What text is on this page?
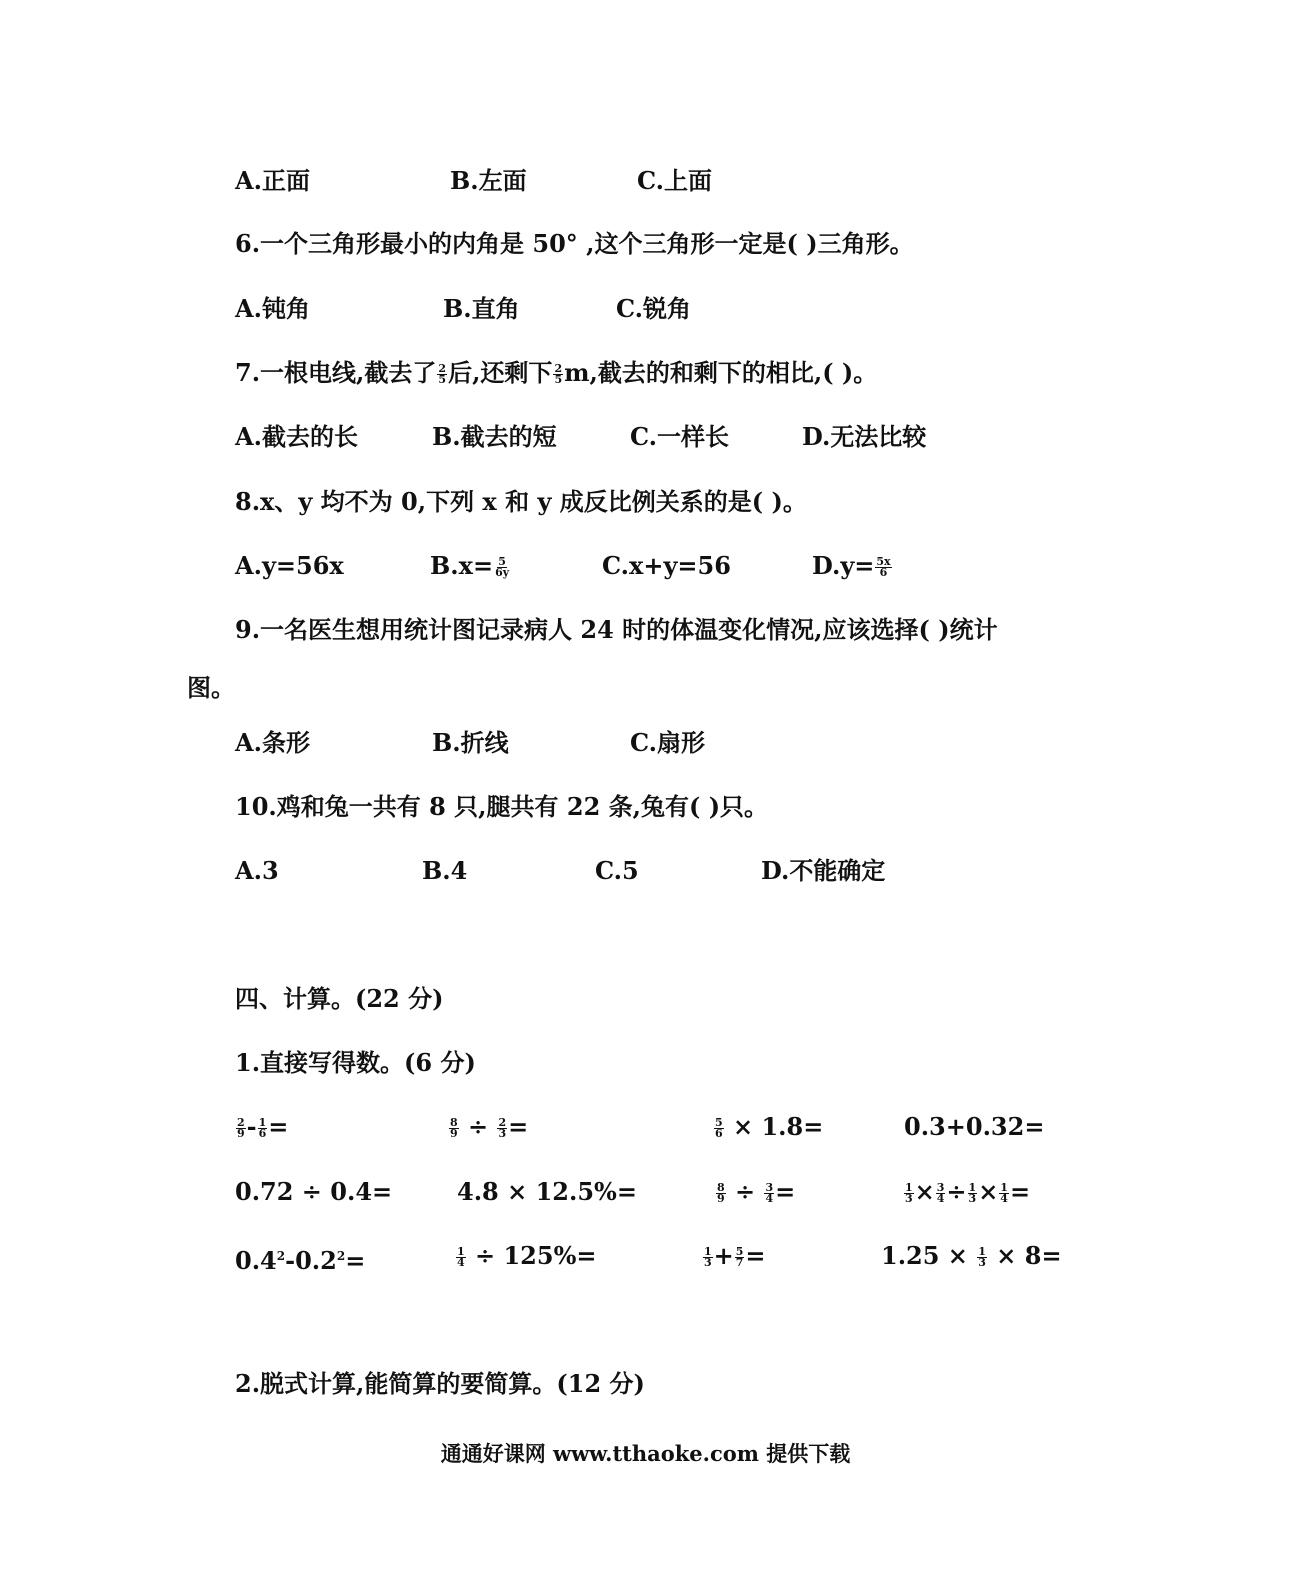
A.正面	B.左面	C.上面
6.一个三角形最小的内角是 50° ,这个三角形一定是( )三角形。
A.钝角	B.直角	C.锐角
7.一根电线,截去了 $\frac{2}{5}$ 后,还剩下 $\frac{2}{5} m$,截去的和剩下的相比,( )。
A.截去的长	B.截去的短	C.一样长	D.无法比较
8.x、y 均不为 0,下列 x 和 y 成反比例关系的是( )。
A.y=56x	$B.x= \frac{5}{6y}$	C.x+y=56	$D.y= \frac{5x}{6}$
9.一名医生想用统计图记录病人 24 时的体温变化情况,应该选择( )统计
图。
A.条形	B.折线	C.扇形
10.鸡和兔一共有 8 只,腿共有 22 条,兔有( )只。
A.3	B.4	C.5	D.不能确定
四、计算。(22 分)
1.直接写得数。(6 分)
$\frac{2}{9} - \frac{1}{6}$ =	$\frac{8}{9} \div \frac{2}{3}$ =	$\frac{5}{6} \times 1.8=$	0.3+0.32=
0.72 ÷ 0.4=	4.8 × 12.5%=	$\frac{8}{9} \div \frac{3}{4}$ =	$\frac{1}{3} \times \frac{3}{4} \div \frac{1}{3} \times \frac{1}{4}$ =
$0.4^2-0.2^2=$	$\frac{1}{4} \div 125\%=$	$\frac{1}{3} + \frac{5}{7}$ =	$1.25 \times \frac{1}{3} \times 8=$
2.脱式计算,能简算的要简算。(12 分)
通通好课网 www.tthaoke.com 提供下载
